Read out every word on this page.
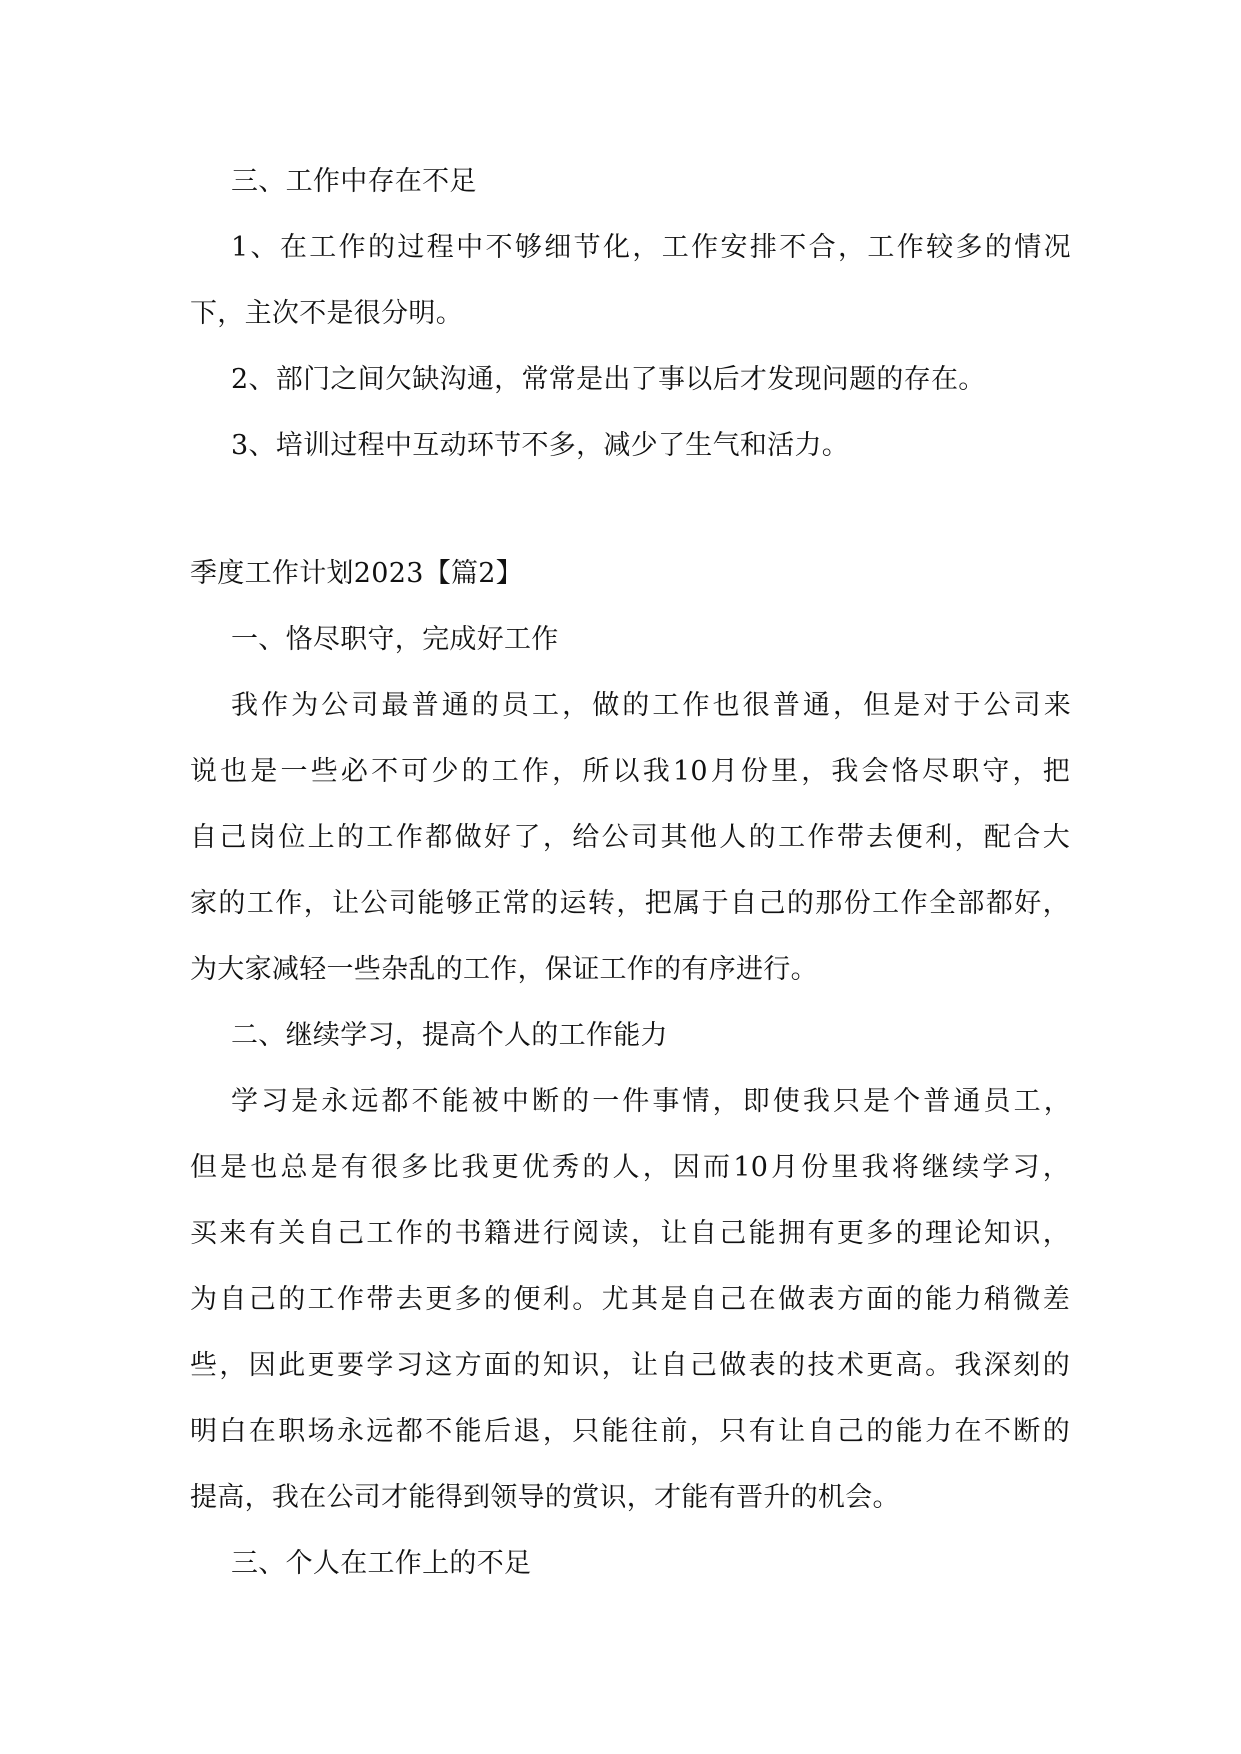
三、工作中存在不足
1、在工作的过程中不够细节化，工作安排不合，工作较多的情况
下，主次不是很分明。
2、部门之间欠缺沟通，常常是出了事以后才发现问题的存在。
3、培训过程中互动环节不多，减少了生气和活力。
季度工作计划2023【篇2】
一、恪尽职守，完成好工作
我作为公司最普通的员工，做的工作也很普通，但是对于公司来
说也是一些必不可少的工作，所以我10月份里，我会恪尽职守，把
自己岗位上的工作都做好了，给公司其他人的工作带去便利，配合大
家的工作，让公司能够正常的运转，把属于自己的那份工作全部都好，
为大家减轻一些杂乱的工作，保证工作的有序进行。
二、继续学习，提高个人的工作能力
学习是永远都不能被中断的一件事情，即使我只是个普通员工，
但是也总是有很多比我更优秀的人，因而10月份里我将继续学习，
买来有关自己工作的书籍进行阅读，让自己能拥有更多的理论知识，
为自己的工作带去更多的便利。尤其是自己在做表方面的能力稍微差
些，因此更要学习这方面的知识，让自己做表的技术更高。我深刻的
明白在职场永远都不能后退，只能往前，只有让自己的能力在不断的
提高，我在公司才能得到领导的赏识，才能有晋升的机会。
三、个人在工作上的不足
